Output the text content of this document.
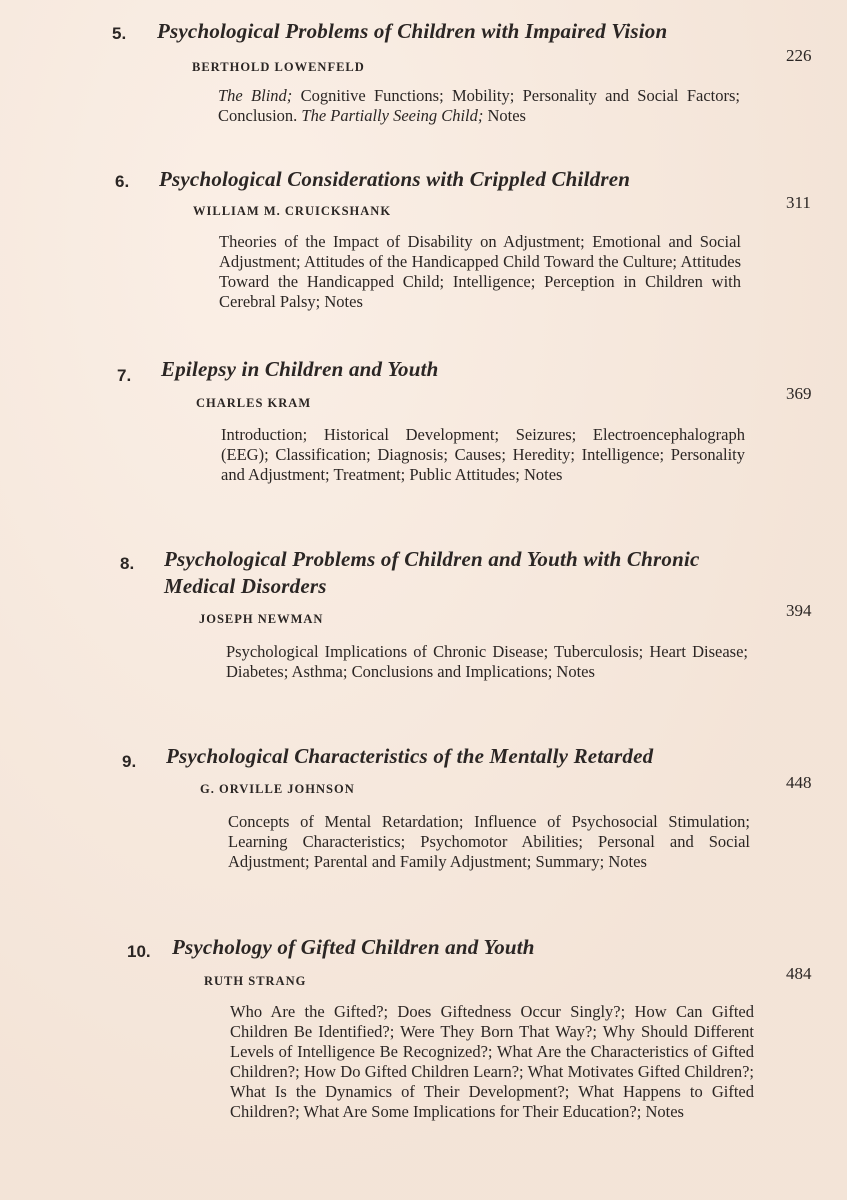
5. Psychological Problems of Children with Impaired Vision
226
BERTHOLD LOWENFELD
The Blind; Cognitive Functions; Mobility; Personality and Social Factors; Conclusion. The Partially Seeing Child; Notes
6. Psychological Considerations with Crippled Children
311
WILLIAM M. CRUICKSHANK
Theories of the Impact of Disability on Adjustment; Emotional and Social Adjustment; Attitudes of the Handicapped Child Toward the Culture; Attitudes Toward the Handicapped Child; Intelligence; Perception in Children with Cerebral Palsy; Notes
7. Epilepsy in Children and Youth
369
CHARLES KRAM
Introduction; Historical Development; Seizures; Electroencephalograph (EEG); Classification; Diagnosis; Causes; Heredity; Intelligence; Personality and Adjustment; Treatment; Public Attitudes; Notes
8. Psychological Problems of Children and Youth with Chronic Medical Disorders
394
JOSEPH NEWMAN
Psychological Implications of Chronic Disease; Tuberculosis; Heart Disease; Diabetes; Asthma; Conclusions and Implications; Notes
9. Psychological Characteristics of the Mentally Retarded
448
G. ORVILLE JOHNSON
Concepts of Mental Retardation; Influence of Psychosocial Stimulation; Learning Characteristics; Psychomotor Abilities; Personal and Social Adjustment; Parental and Family Adjustment; Summary; Notes
10. Psychology of Gifted Children and Youth
484
RUTH STRANG
Who Are the Gifted?; Does Giftedness Occur Singly?; How Can Gifted Children Be Identified?; Were They Born That Way?; Why Should Different Levels of Intelligence Be Recognized?; What Are the Characteristics of Gifted Children?; How Do Gifted Children Learn?; What Motivates Gifted Children?; What Is the Dynamics of Their Development?; What Happens to Gifted Children?; What Are Some Implications for Their Education?; Notes
